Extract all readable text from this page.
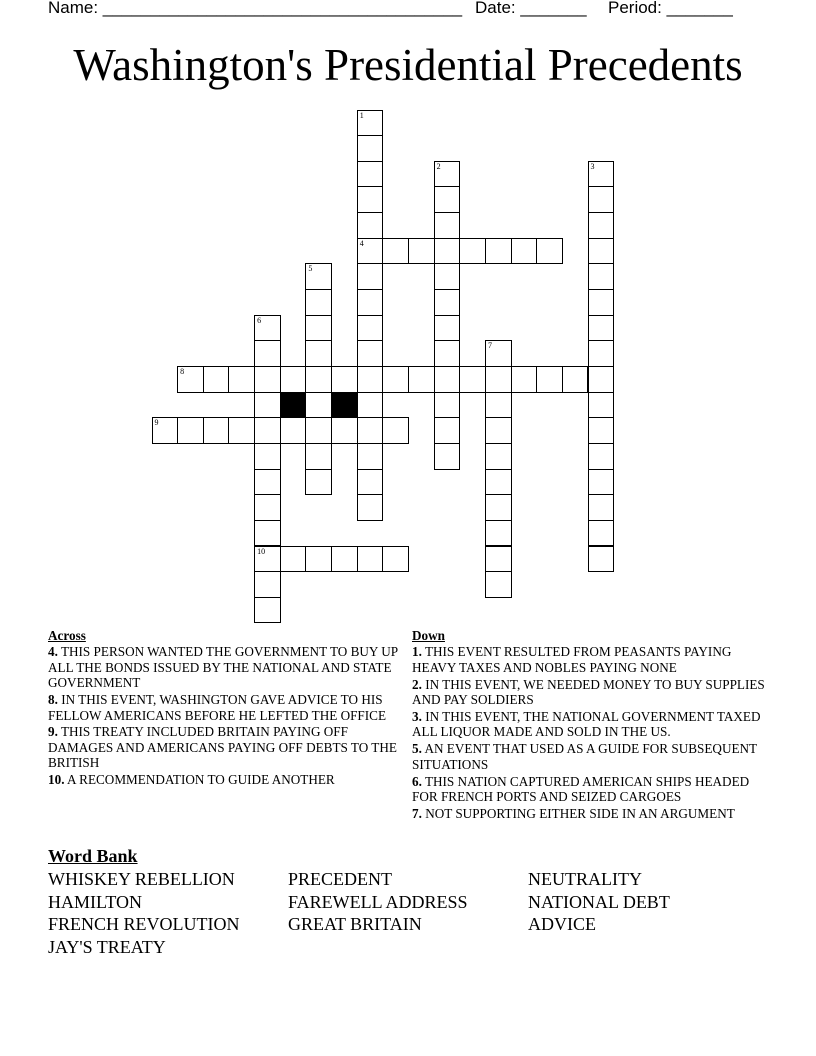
Name: ______________________________________ Date: _______ Period: _______
Washington's Presidential Precedents
1
4
2	3
5
6
10
7
8
9
Across
4. THIS PERSON WANTED THE GOVERNMENT TO BUY UP ALL THE BONDS ISSUED BY THE NATIONAL AND STATE GOVERNMENT
8. IN THIS EVENT, WASHINGTON GAVE ADVICE TO HIS FELLOW AMERICANS BEFORE HE LEFTED THE OFFICE
9. THIS TREATY INCLUDED BRITAIN PAYING OFF DAMAGES AND AMERICANS PAYING OFF DEBTS TO THE BRITISH
10. A RECOMMENDATION TO GUIDE ANOTHER
Down
1. THIS EVENT RESULTED FROM PEASANTS PAYING HEAVY TAXES AND NOBLES PAYING NONE
2. IN THIS EVENT, WE NEEDED MONEY TO BUY SUPPLIES AND PAY SOLDIERS
3. IN THIS EVENT, THE NATIONAL GOVERNMENT TAXED ALL LIQUOR MADE AND SOLD IN THE US.
5. AN EVENT THAT USED AS A GUIDE FOR SUBSEQUENT SITUATIONS
6. THIS NATION CAPTURED AMERICAN SHIPS HEADED FOR FRENCH PORTS AND SEIZED CARGOES
7. NOT SUPPORTING EITHER SIDE IN AN ARGUMENT
Word Bank
WHISKEY REBELLION	PRECEDENT	NEUTRALITY
HAMILTON	FAREWELL ADDRESS	NATIONAL DEBT
FRENCH REVOLUTION	GREAT BRITAIN	ADVICE
JAY'S TREATY
